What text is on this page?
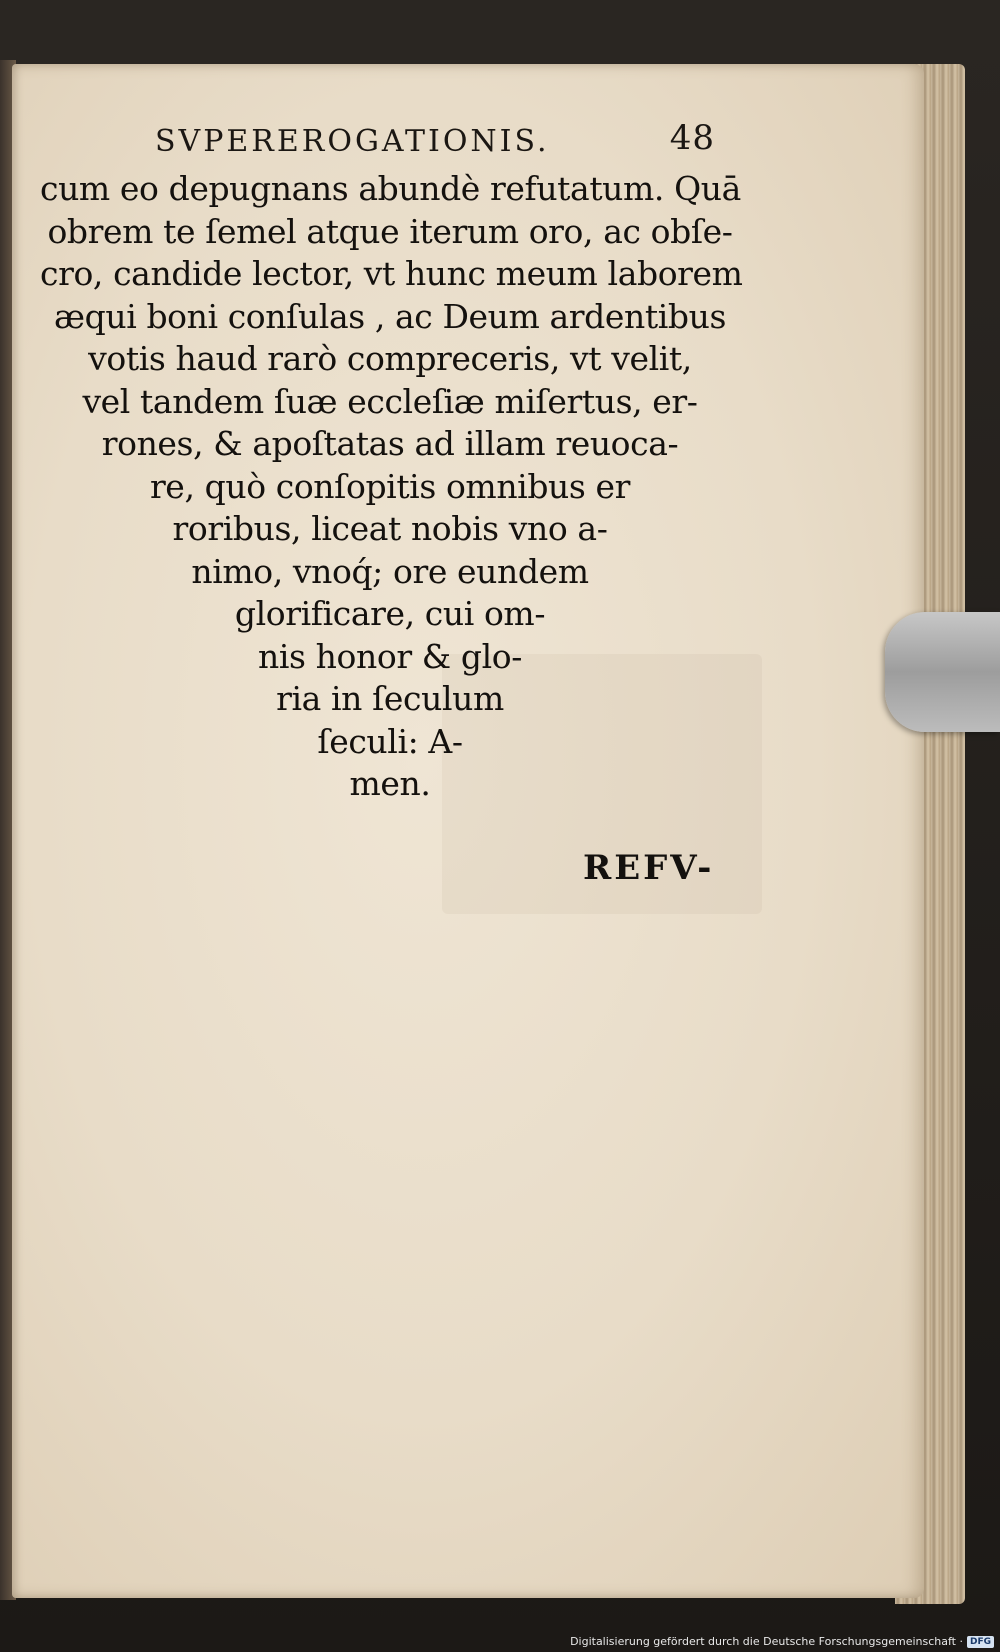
SVPEREROGATIONIS.	48
cum eo depugnans abundè refutatum. Quā
obrem te ſemel atque iterum oro, ac obſe-
cro, candide lector, vt hunc meum laborem
æqui boni conſulas , ac Deum ardentibus
votis haud rarò compreceris, vt velit,
vel tandem ſuæ eccleſiæ miſertus, er-
rones, & apoſtatas ad illam reuoca-
re, quò conſopitis omnibus er
roribus, liceat nobis vno a-
nimo, vnoq́; ore eundem
glorificare, cui om-
nis honor & glo-
ria in ſeculum
ſeculi: A-
men.
REFV-
Digitalisierung gefördert durch die Deutsche Forschungsgemeinschaft · DFG
